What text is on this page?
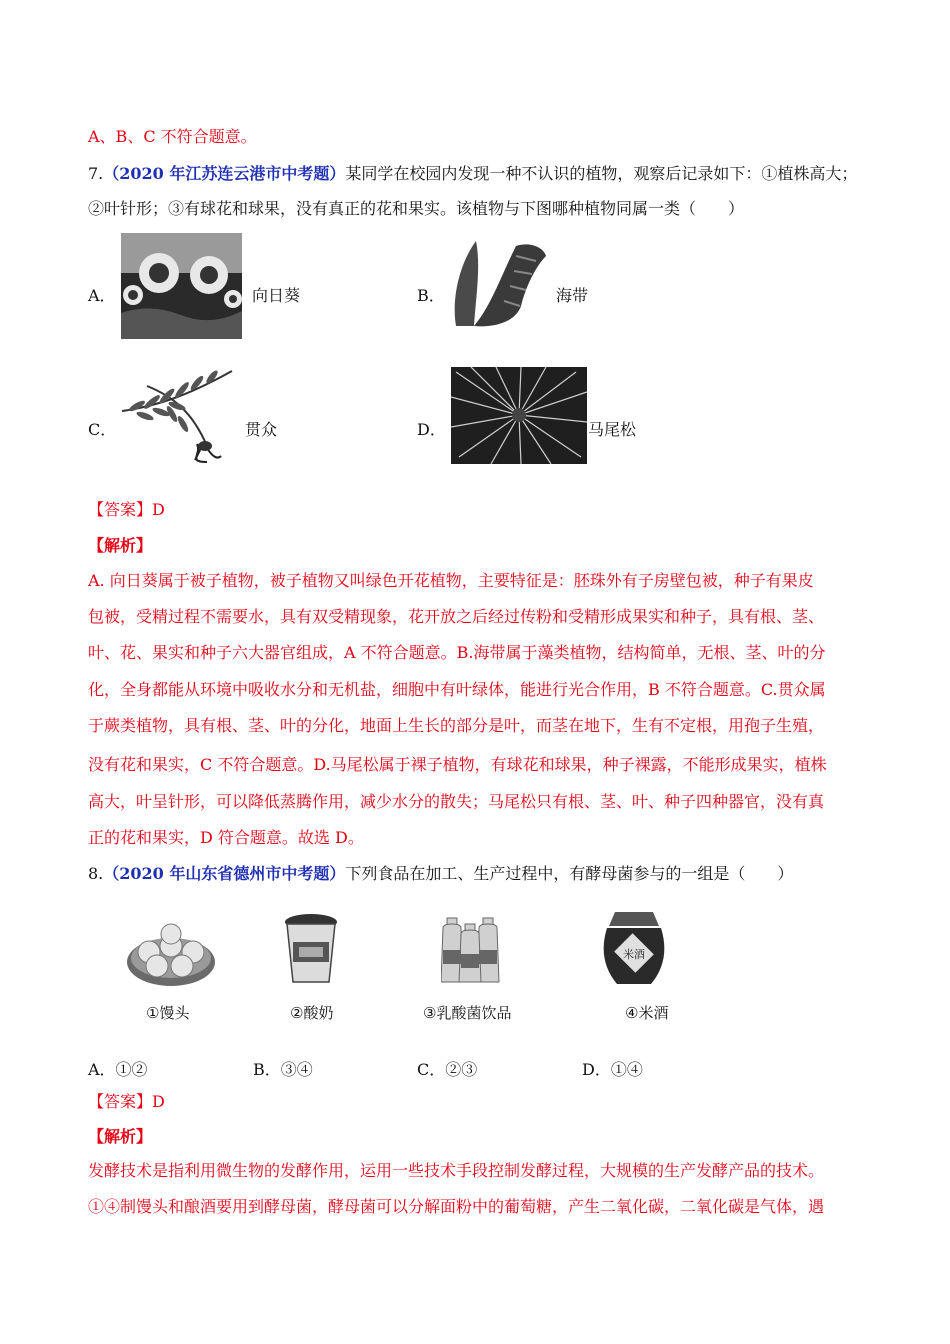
A、B、C 不符合题意。
7.（2020 年江苏连云港市中考题）某同学在校园内发现一种不认识的植物，观察后记录如下：①植株高大；
②叶针形；③有球花和球果，没有真正的花和果实。该植物与下图哪种植物同属一类（　　）
A．	向日葵	B．	海带
C．	贯众	D．	马尾松
【答案】D
【解析】
A. 向日葵属于被子植物，被子植物又叫绿色开花植物，主要特征是：胚珠外有子房壁包被，种子有果皮
包被，受精过程不需要水，具有双受精现象，花开放之后经过传粉和受精形成果实和种子，具有根、茎、
叶、花、果实和种子六大器官组成，A 不符合题意。B.海带属于藻类植物，结构简单，无根、茎、叶的分
化，全身都能从环境中吸收水分和无机盐，细胞中有叶绿体，能进行光合作用，B 不符合题意。C.贯众属
于蕨类植物，具有根、茎、叶的分化，地面上生长的部分是叶，而茎在地下，生有不定根，用孢子生殖，
没有花和果实，C 不符合题意。D.马尾松属于裸子植物，有球花和球果，种子裸露，不能形成果实，植株
高大，叶呈针形，可以降低蒸腾作用，减少水分的散失；马尾松只有根、茎、叶、种子四种器官，没有真
正的花和果实，D 符合题意。故选 D。
8.（2020 年山东省德州市中考题）下列食品在加工、生产过程中，有酵母菌参与的一组是（　　）
①馒头	②酸奶	③乳酸菌饮品
米酒
④米酒
A．①②	B．③④	C．②③	D．①④
【答案】D
【解析】
发酵技术是指利用微生物的发酵作用，运用一些技术手段控制发酵过程，大规模的生产发酵产品的技术。
①④制馒头和酿酒要用到酵母菌，酵母菌可以分解面粉中的葡萄糖，产生二氧化碳，二氧化碳是气体，遇
